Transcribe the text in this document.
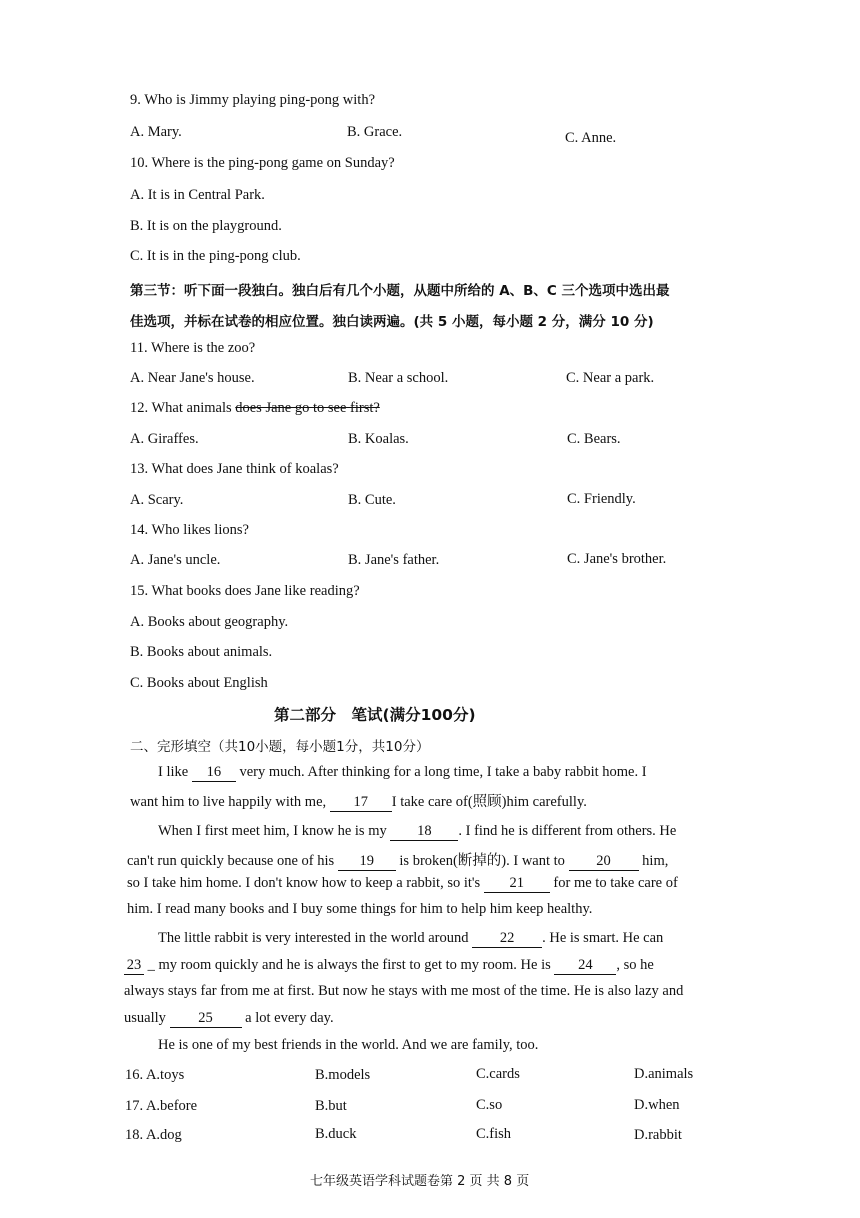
9. Who is Jimmy playing ping-pong with?
A. Mary.	B. Grace.	C. Anne.
10. Where is the ping-pong game on Sunday?
A. It is in Central Park.
B. It is on the playground.
C. It is in the ping-pong club.
第三节：听下面一段独白。独白后有几个小题，从题中所给的 A、B、C 三个选项中选出最
佳选项，并标在试卷的相应位置。独白读两遍。(共 5 小题，每小题 2 分，满分 10 分)
11. Where is the zoo?
A. Near Jane's house.	B. Near a school.	C. Near a park.
12. What animals does Jane go to see first?
A. Giraffes.	B. Koalas.	C. Bears.
13. What does Jane think of koalas?
A. Scary.	B. Cute.	C. Friendly.
14. Who likes lions?
A. Jane's uncle.	B. Jane's father.	C. Jane's brother.
15. What books does Jane like reading?
A. Books about geography.
B. Books about animals.
C. Books about English
第二部分　笔试(满分100分)
二、完形填空（共10小题，每小题1分，共10分）
I like 16 very much. After thinking for a long time, I take a baby rabbit home. I
want him to live happily with me, 17 I take care of(照顾)him carefully.
When I first meet him, I know he is my 18 . I find he is different from others. He
can't run quickly because one of his 19 is broken(断掉的). I want to 20 him,
so I take him home. I don't know how to keep a rabbit, so it's 21 for me to take care of
him. I read many books and I buy some things for him to help him keep healthy.
The little rabbit is very interested in the world around 22 . He is smart. He can
23 _ my room quickly and he is always the first to get to my room. He is 24 , so he
always stays far from me at first. But now he stays with me most of the time. He is also lazy and
usually 25 a lot every day.
He is one of my best friends in the world. And we are family, too.
16. A.toys	B.models	C.cards	D.animals
17. A.before	B.but	C.so	D.when
18. A.dog	B.duck	C.fish	D.rabbit
七年级英语学科试题卷第 2 页 共 8 页
